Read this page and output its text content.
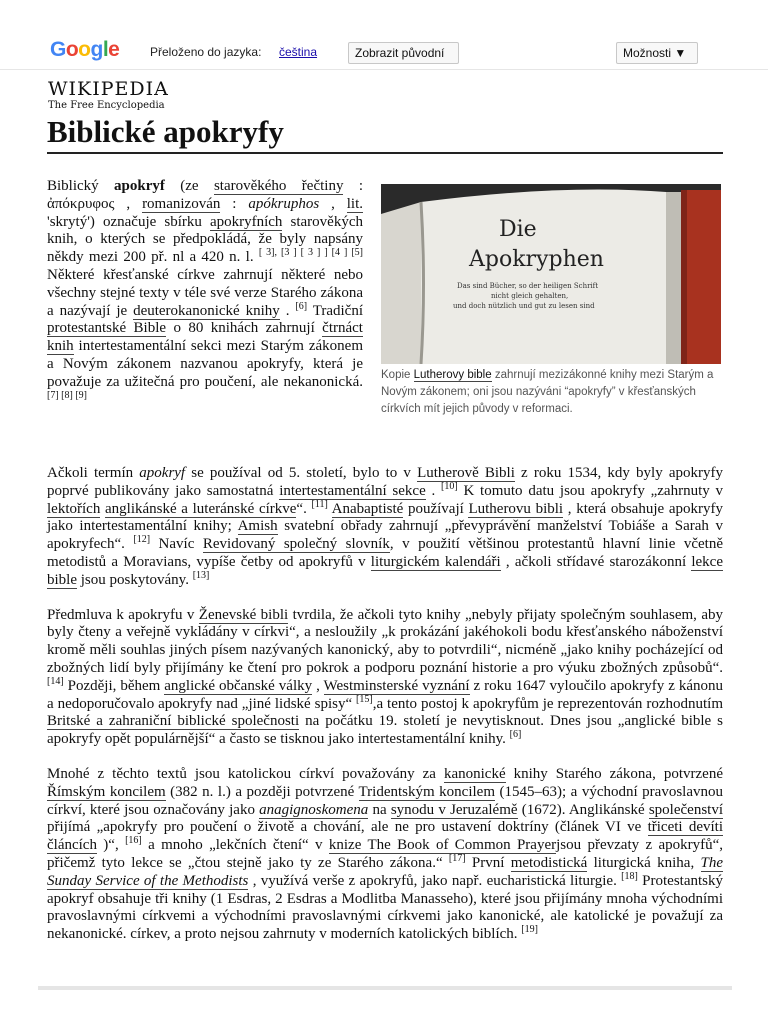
Google	Přeloženo do jazyka: čeština	Zobrazit původní	Možnosti ▼
WIKIPEDIA
The Free Encyclopedia
Biblické apokryfy
Die
Apokryphen
Das sind Bücher, so der heiligen Schrift
nicht gleich gehalten,
und doch nützlich und gut zu lesen sind
Kopie Lutherovy bible zahrnují mezizákonné knihy mezi Starým a Novým zákonem; oni jsou nazýváni “apokryfy” v křesťanských církvích mít jejich původy v reformaci.

Biblický apokryf (ze starověkého řečtiny : ἀπόκρυφος , romanizován : apókruphos , lit. 'skrytý') označuje sbírku apokryfních starověkých knih, o kterých se předpokládá, že byly napsány někdy mezi 200 př. nl a 420 n. l. [ 3], [3 ] [ 3 ] ] [4 ] [5] Některé křesťanské církve zahrnují některé nebo všechny stejné texty v téle své verze Starého zákona a nazývají je deuterokanonické knihy . [6] Tradiční protestantské Bible o 80 knihách zahrnují čtrnáct knih intertestamentální sekci mezi Starým zákonem a Novým zákonem nazvanou apokryfy, která je považuje za užitečná pro poučení, ale nekanonická. [7] [8] [9]

Ačkoli termín apokryf se používal od 5. století, bylo to v Lutherově Bibli z roku 1534, kdy byly apokryfy poprvé publikovány jako samostatná intertestamentální sekce . [10] K tomuto datu jsou apokryfy „zahrnuty v lektořích anglikánské a luteránské církve“. [11] Anabaptisté používají Lutherovu bibli , která obsahuje apokryfy jako intertestamentální knihy; Amish svatební obřady zahrnují „převyprávění manželství Tobiáše a Sarah v apokryfech“. [12] Navíc Revidovaný společný slovník, v použití většinou protestantů hlavní linie včetně metodistů a Moravians, vypíše četby od apokryfů v liturgickém kalendáři , ačkoli střídavé starozákonní lekce bible jsou poskytovány. [13]

Předmluva k apokryfu v Ženevské bibli tvrdila, že ačkoli tyto knihy „nebyly přijaty společným souhlasem, aby byly čteny a veřejně vykládány v církvi“, a nesloužily „k prokázání jakéhokoli bodu křesťanského náboženství kromě měli souhlas jiných písem nazývaných kanonický, aby to potvrdili“, nicméně „jako knihy pocházející od zbožných lidí byly přijímány ke čtení pro pokrok a podporu poznání historie a pro výuku zbožných způsobů“. [14] Později, během anglické občanské války , Westminsterské vyznání z roku 1647 vyloučilo apokryfy z kánonu a nedoporučovalo apokryfy nad „jiné lidské spisy“ [15],a tento postoj k apokryfům je reprezentován rozhodnutím Britské a zahraniční biblické společnosti na počátku 19. století je nevytisknout. Dnes jsou „anglické bible s apokryfy opět populárnější“ a často se tisknou jako intertestamentální knihy. [6]

Mnohé z těchto textů jsou katolickou církví považovány za kanonické knihy Starého zákona, potvrzené Římským koncilem (382 n. l.) a později potvrzené Tridentským koncilem (1545–63); a východní pravoslavnou církví, které jsou označovány jako anagignoskomena na synodu v Jeruzalémě (1672). Anglikánské společenství přijímá „apokryfy pro poučení o životě a chování, ale ne pro ustavení doktríny (článek VI ve třiceti devíti článcích )“, [16] a mnoho „lekčních čtení“ v knize The Book of Common Prayerjsou převzaty z apokryfů“, přičemž tyto lekce se „čtou stejně jako ty ze Starého zákona.“ [17] První metodistická liturgická kniha, The Sunday Service of the Methodists , využívá verše z apokryfů, jako např. eucharistická liturgie. [18] Protestantský apokryf obsahuje tři knihy (1 Esdras, 2 Esdras a Modlitba Manasseho), které jsou přijímány mnoha východními pravoslavnými církvemi a východními pravoslavnými církvemi jako kanonické, ale katolické je považují za nekanonické. církev, a proto nejsou zahrnuty v moderních katolických biblích. [19]
